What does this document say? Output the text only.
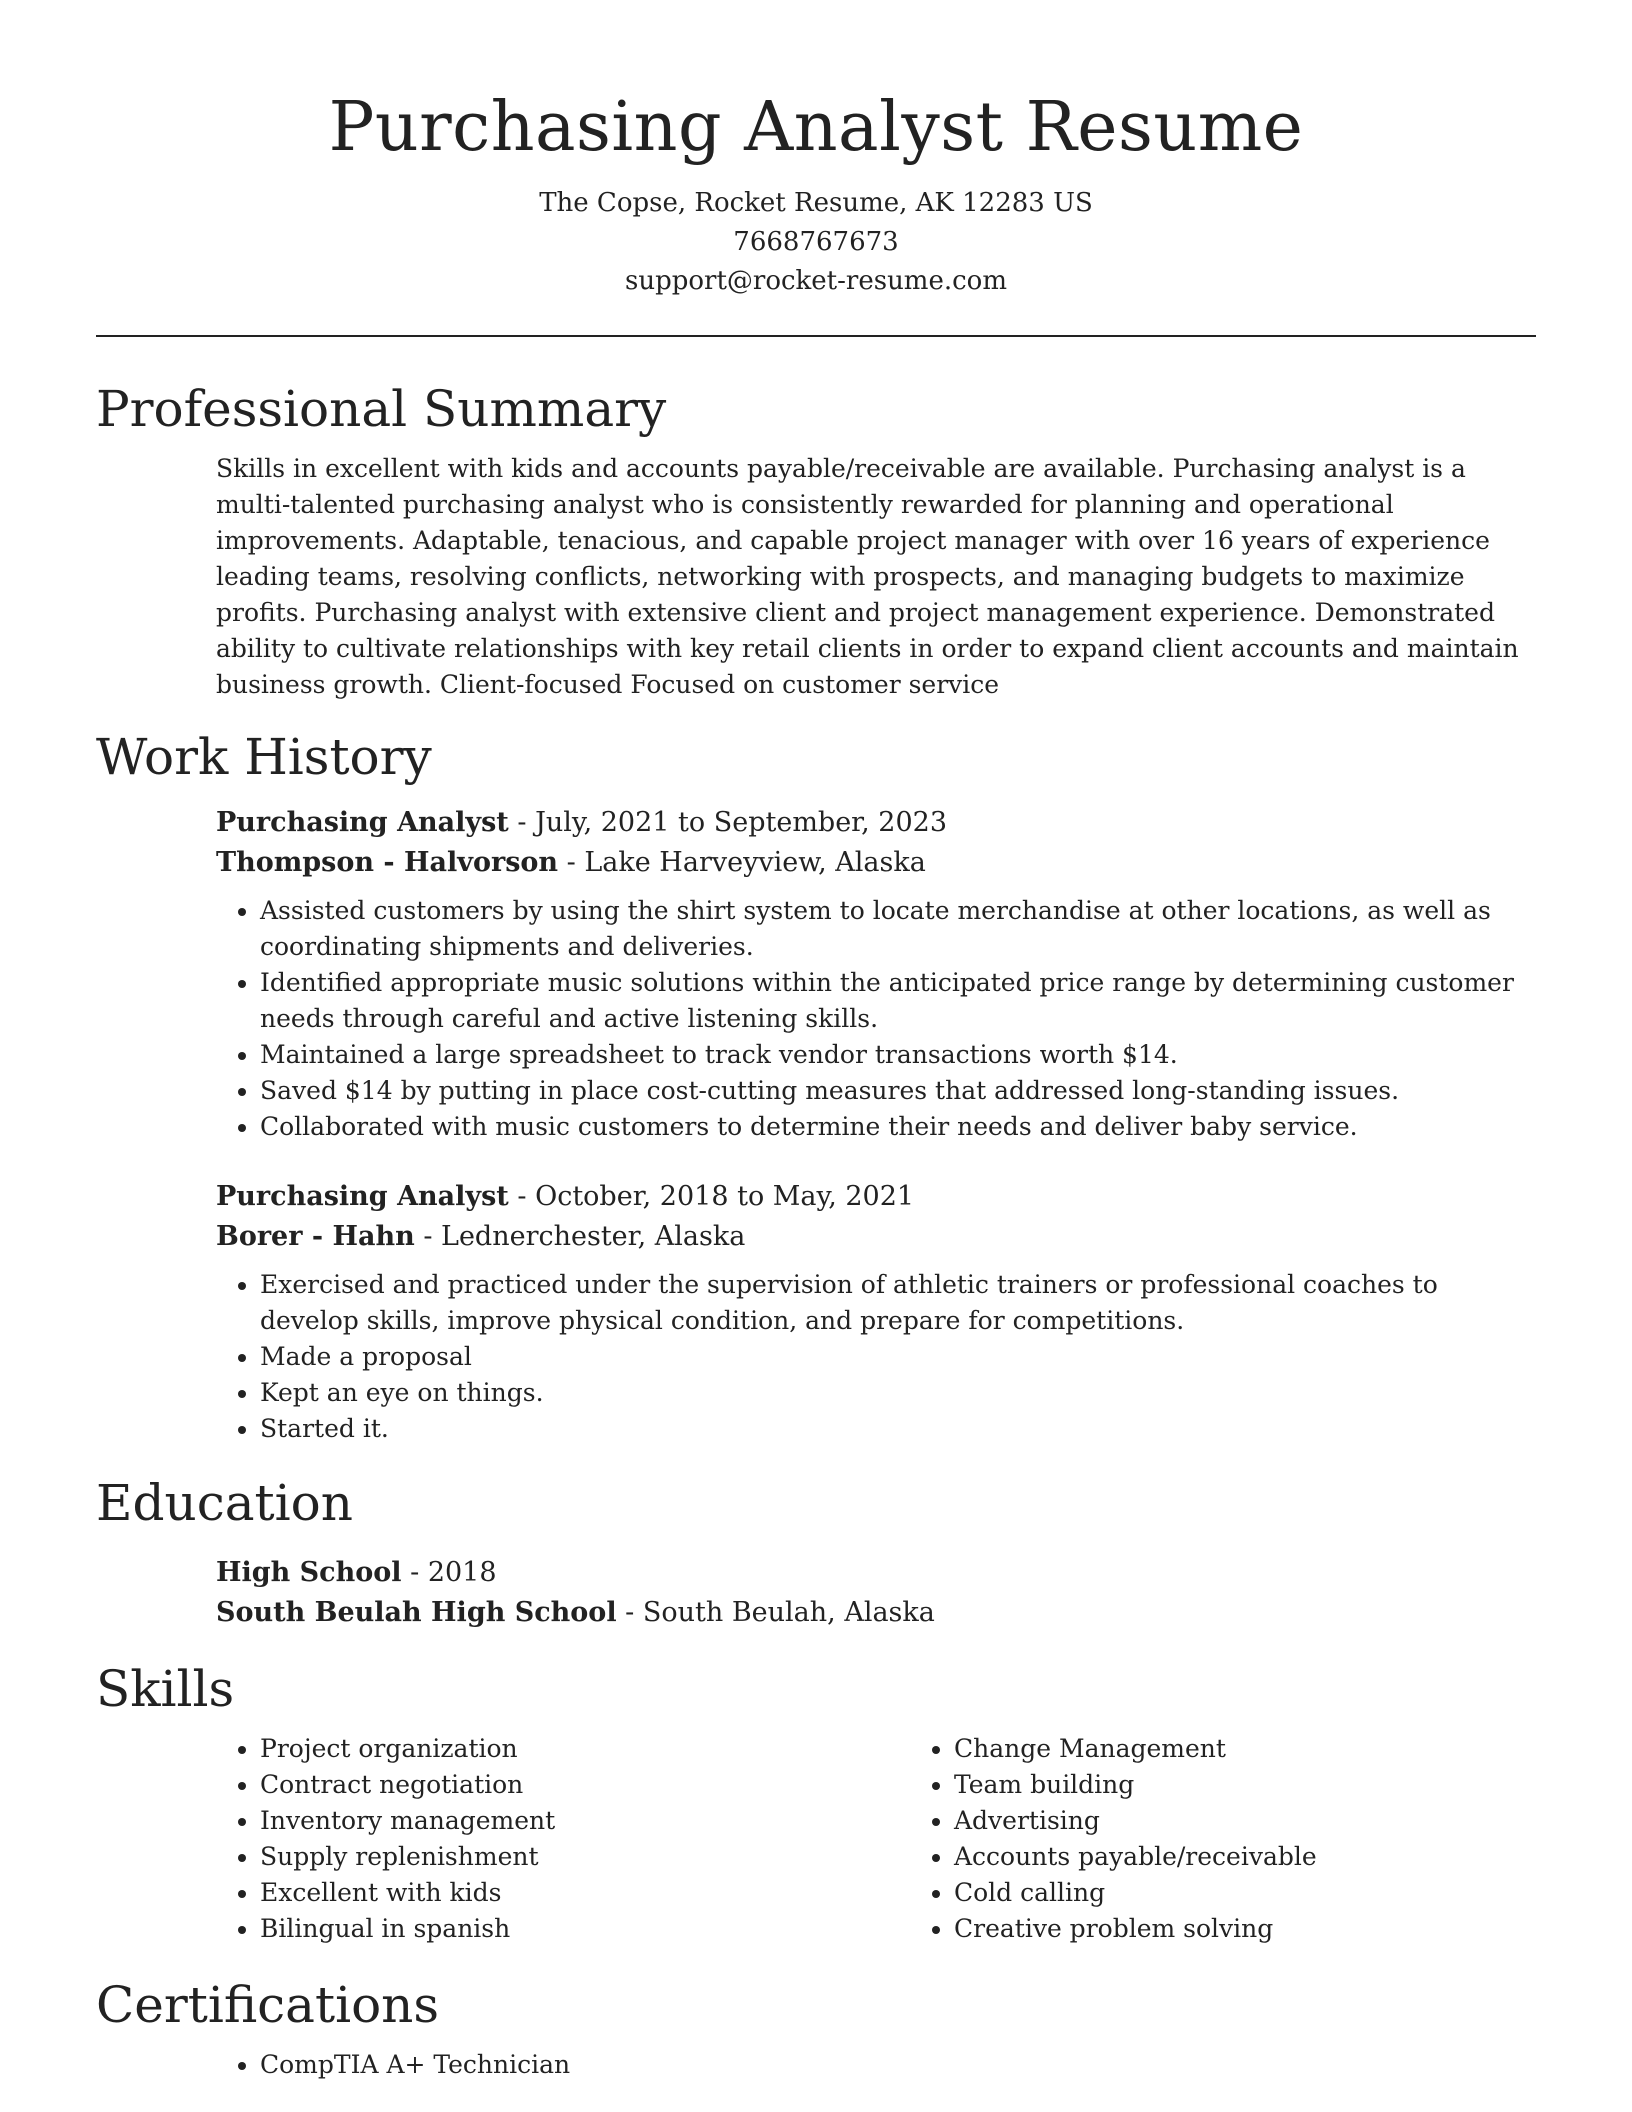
Purchasing Analyst Resume
The Copse, Rocket Resume, AK 12283 US
7668767673
support@rocket-resume.com
Professional Summary
Skills in excellent with kids and accounts payable/receivable are available. Purchasing analyst is a multi-talented purchasing analyst who is consistently rewarded for planning and operational improvements. Adaptable, tenacious, and capable project manager with over 16 years of experience leading teams, resolving conflicts, networking with prospects, and managing budgets to maximize profits. Purchasing analyst with extensive client and project management experience. Demonstrated ability to cultivate relationships with key retail clients in order to expand client accounts and maintain business growth. Client-focused Focused on customer service
Work History
Purchasing Analyst - July, 2021 to September, 2023
Thompson - Halvorson - Lake Harveyview, Alaska
• Assisted customers by using the shirt system to locate merchandise at other locations, as well as coordinating shipments and deliveries.
• Identified appropriate music solutions within the anticipated price range by determining customer needs through careful and active listening skills.
• Maintained a large spreadsheet to track vendor transactions worth $14.
• Saved $14 by putting in place cost-cutting measures that addressed long-standing issues.
• Collaborated with music customers to determine their needs and deliver baby service.
Purchasing Analyst - October, 2018 to May, 2021
Borer - Hahn - Lednerchester, Alaska
• Exercised and practiced under the supervision of athletic trainers or professional coaches to develop skills, improve physical condition, and prepare for competitions.
• Made a proposal
• Kept an eye on things.
• Started it.
Education
High School - 2018
South Beulah High School - South Beulah, Alaska
Skills
• Project organization
• Contract negotiation
• Inventory management
• Supply replenishment
• Excellent with kids
• Bilingual in spanish
• Change Management
• Team building
• Advertising
• Accounts payable/receivable
• Cold calling
• Creative problem solving
Certifications
• CompTIA A+ Technician
